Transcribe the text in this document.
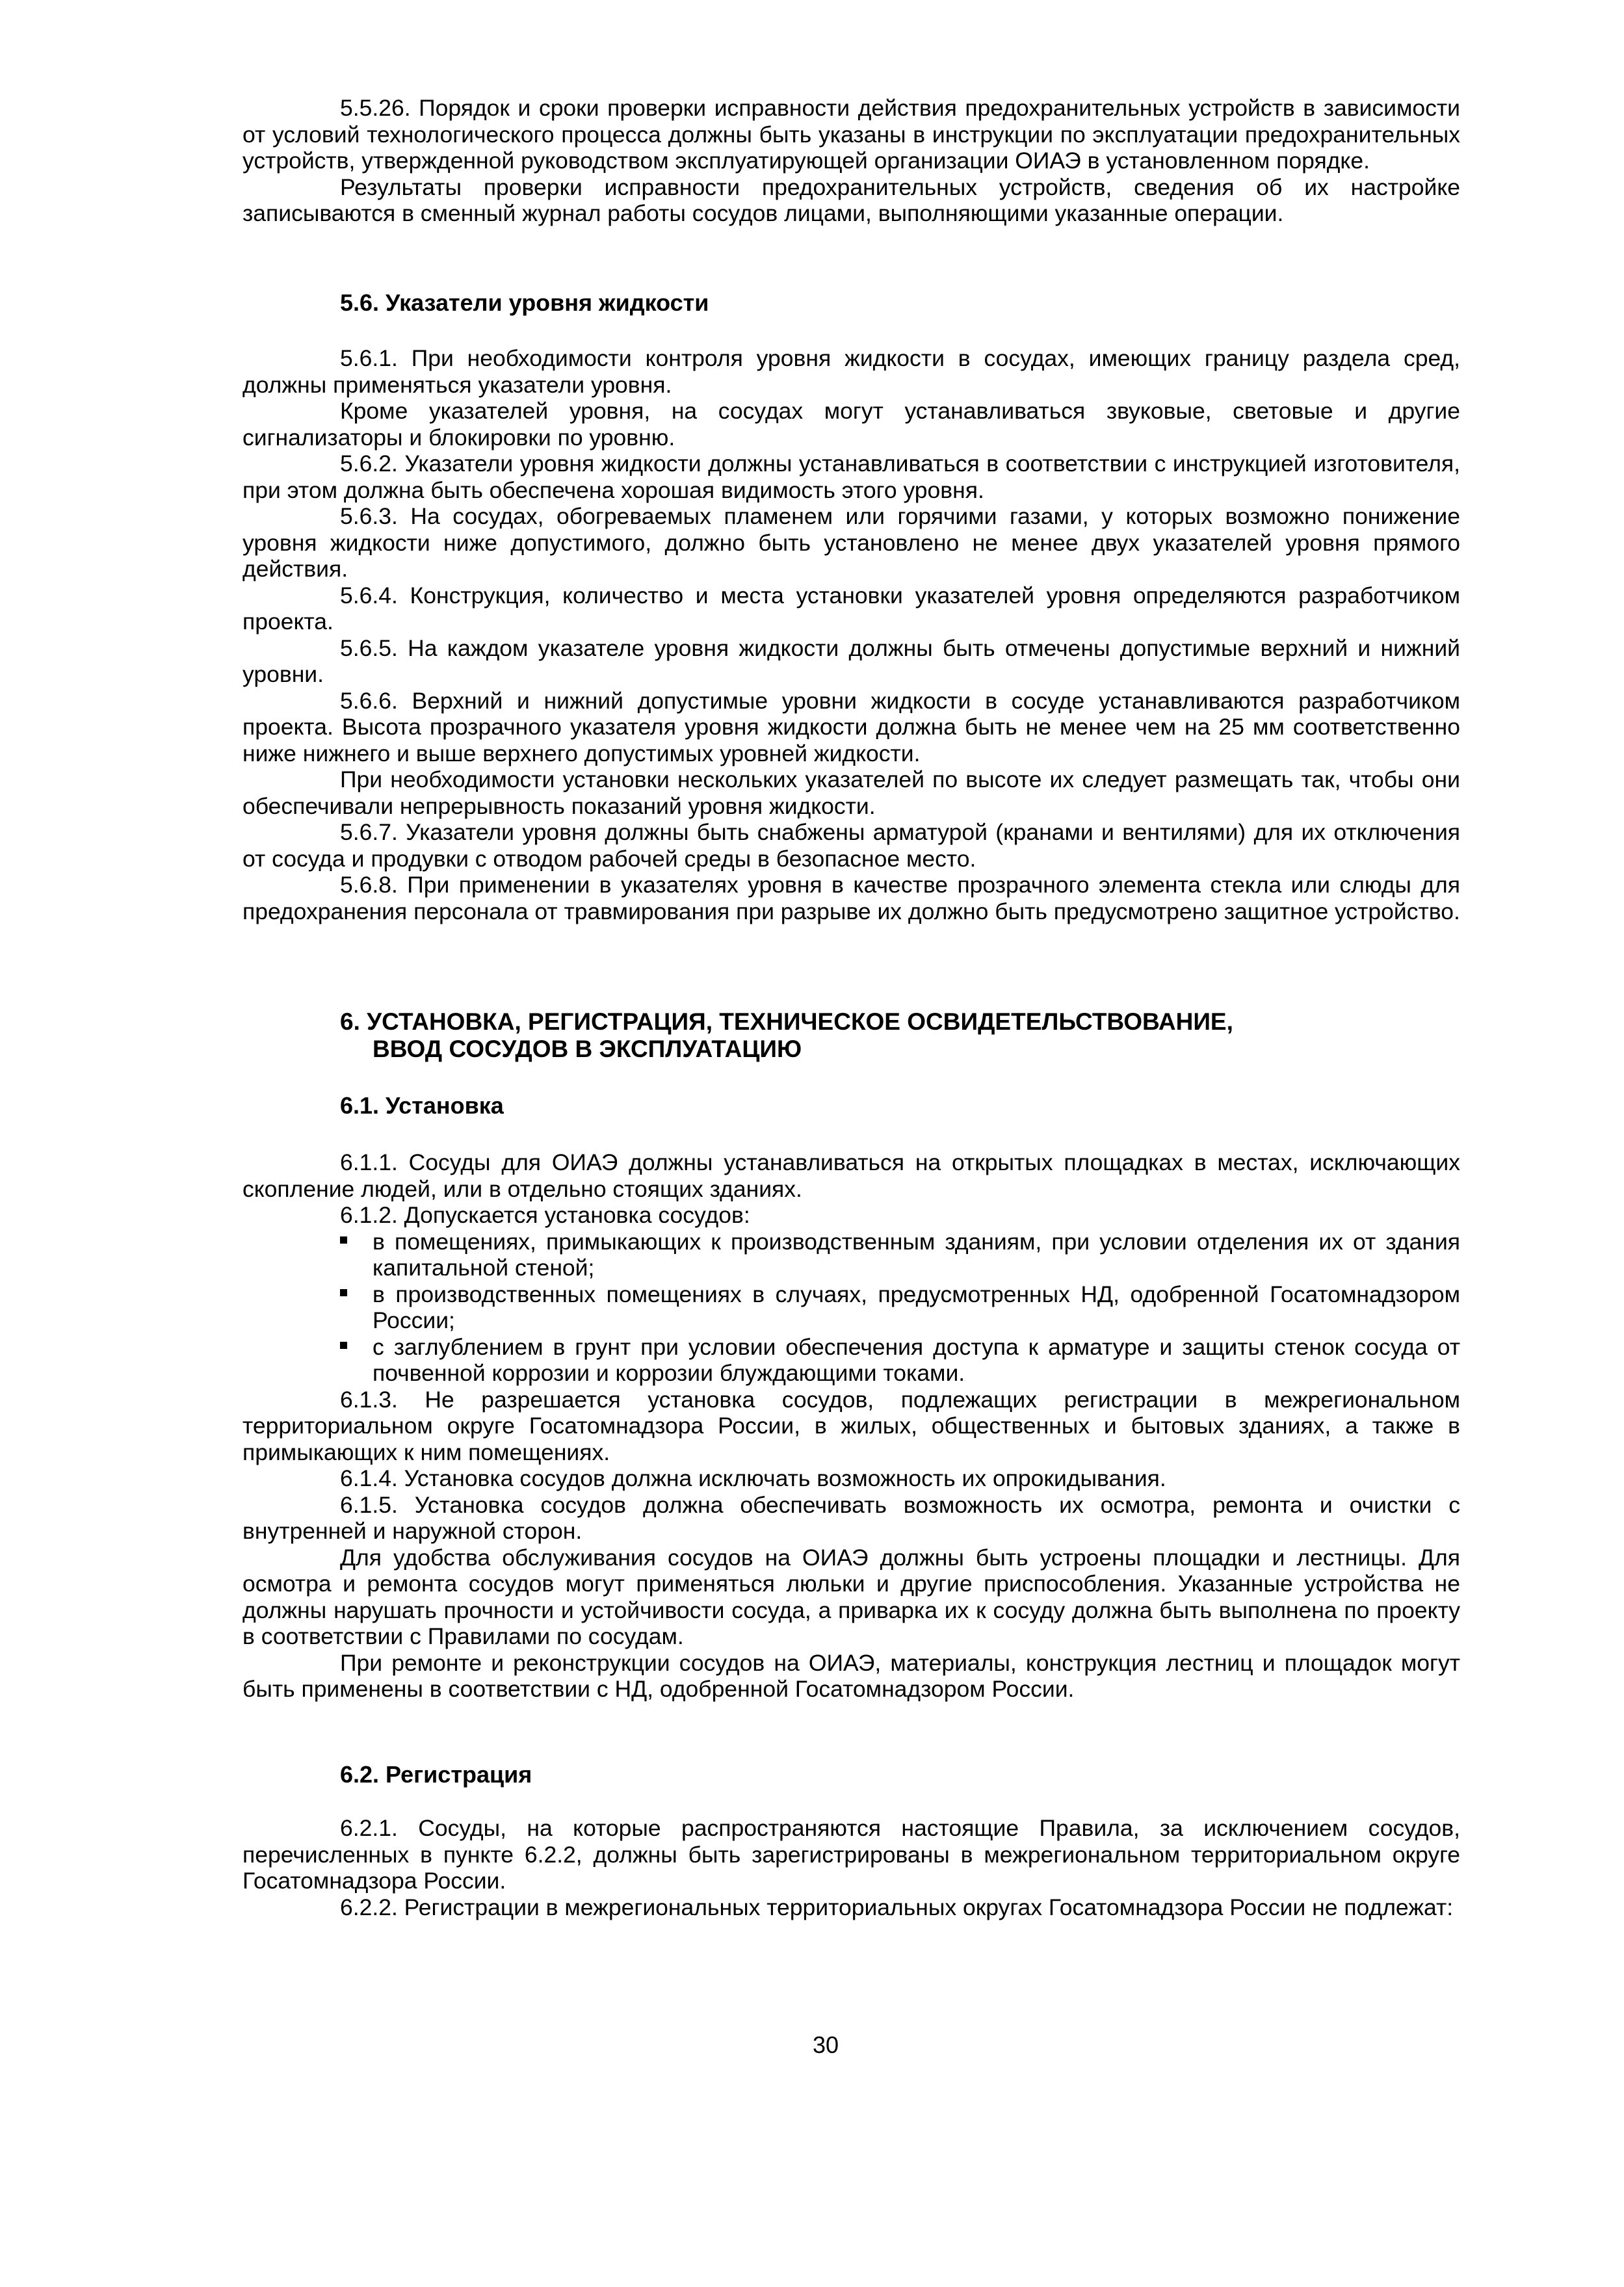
5.5.26. Порядок и сроки проверки исправности действия предохранительных устройств в зависимости от условий технологического процесса должны быть указаны в инструкции по эксплуатации предохранительных устройств, утвержденной руководством эксплуатирующей организации ОИАЭ в установленном порядке.

Результаты проверки исправности предохранительных устройств, сведения об их настройке записываются в сменный журнал работы сосудов лицами, выполняющими указанные операции.

5.6. Указатели уровня жидкости

5.6.1. При необходимости контроля уровня жидкости в сосудах, имеющих границу раздела сред, должны применяться указатели уровня.

Кроме указателей уровня, на сосудах могут устанавливаться звуковые, световые и другие сигнализаторы и блокировки по уровню.

5.6.2. Указатели уровня жидкости должны устанавливаться в соответствии с инструкцией изготовителя, при этом должна быть обеспечена хорошая видимость этого уровня.

5.6.3. На сосудах, обогреваемых пламенем или горячими газами, у которых возможно понижение уровня жидкости ниже допустимого, должно быть установлено не менее двух указателей уровня прямого действия.

5.6.4. Конструкция, количество и места установки указателей уровня определяются разработчиком проекта.

5.6.5. На каждом указателе уровня жидкости должны быть отмечены допустимые верхний и нижний уровни.

5.6.6. Верхний и нижний допустимые уровни жидкости в сосуде устанавливаются разработчиком проекта. Высота прозрачного указателя уровня жидкости должна быть не менее чем на 25 мм соответственно ниже нижнего и выше верхнего допустимых уровней жидкости.

При необходимости установки нескольких указателей по высоте их следует размещать так, чтобы они обеспечивали непрерывность показаний уровня жидкости.

5.6.7. Указатели уровня должны быть снабжены арматурой (кранами и вентилями) для их отключения от сосуда и продувки с отводом рабочей среды в безопасное место.

5.6.8. При применении в указателях уровня в качестве прозрачного элемента стекла или слюды для предохранения персонала от травмирования при разрыве их должно быть предусмотрено защитное устройство.

6. УСТАНОВКА, РЕГИСТРАЦИЯ, ТЕХНИЧЕСКОЕ ОСВИДЕТЕЛЬСТВОВАНИЕ,

ВВОД СОСУДОВ В ЭКСПЛУАТАЦИЮ

6.1. Установка

6.1.1. Сосуды для ОИАЭ должны устанавливаться на открытых площадках в местах, исключающих скопление людей, или в отдельно стоящих зданиях.

6.1.2. Допускается установка сосудов:

в помещениях, примыкающих к производственным зданиям, при условии отделения их от здания капитальной стеной;
в производственных помещениях в случаях, предусмотренных НД, одобренной Госатомнадзором России;
с заглублением в грунт при условии обеспечения доступа к арматуре и защиты стенок сосуда от почвенной коррозии и коррозии блуждающими токами.

6.1.3. Не разрешается установка сосудов, подлежащих регистрации в межрегиональном территориальном округе Госатомнадзора России, в жилых, общественных и бытовых зданиях, а также в примыкающих к ним помещениях.

6.1.4. Установка сосудов должна исключать возможность их опрокидывания.

6.1.5. Установка сосудов должна обеспечивать возможность их осмотра, ремонта и очистки с внутренней и наружной сторон.

Для удобства обслуживания сосудов на ОИАЭ должны быть устроены площадки и лестницы. Для осмотра и ремонта сосудов могут применяться люльки и другие приспособления. Указанные устройства не должны нарушать прочности и устойчивости сосуда, а приварка их к сосуду должна быть выполнена по проекту в соответствии с Правилами по сосудам.

При ремонте и реконструкции сосудов на ОИАЭ, материалы, конструкция лестниц и площадок могут быть применены в соответствии с НД, одобренной Госатомнадзором России.

6.2. Регистрация

6.2.1. Сосуды, на которые распространяются настоящие Правила, за исключением сосудов, перечисленных в пункте 6.2.2, должны быть зарегистрированы в межрегиональном территориальном округе Госатомнадзора России.

6.2.2. Регистрации в межрегиональных территориальных округах Госатомнадзора России не подлежат:

30
